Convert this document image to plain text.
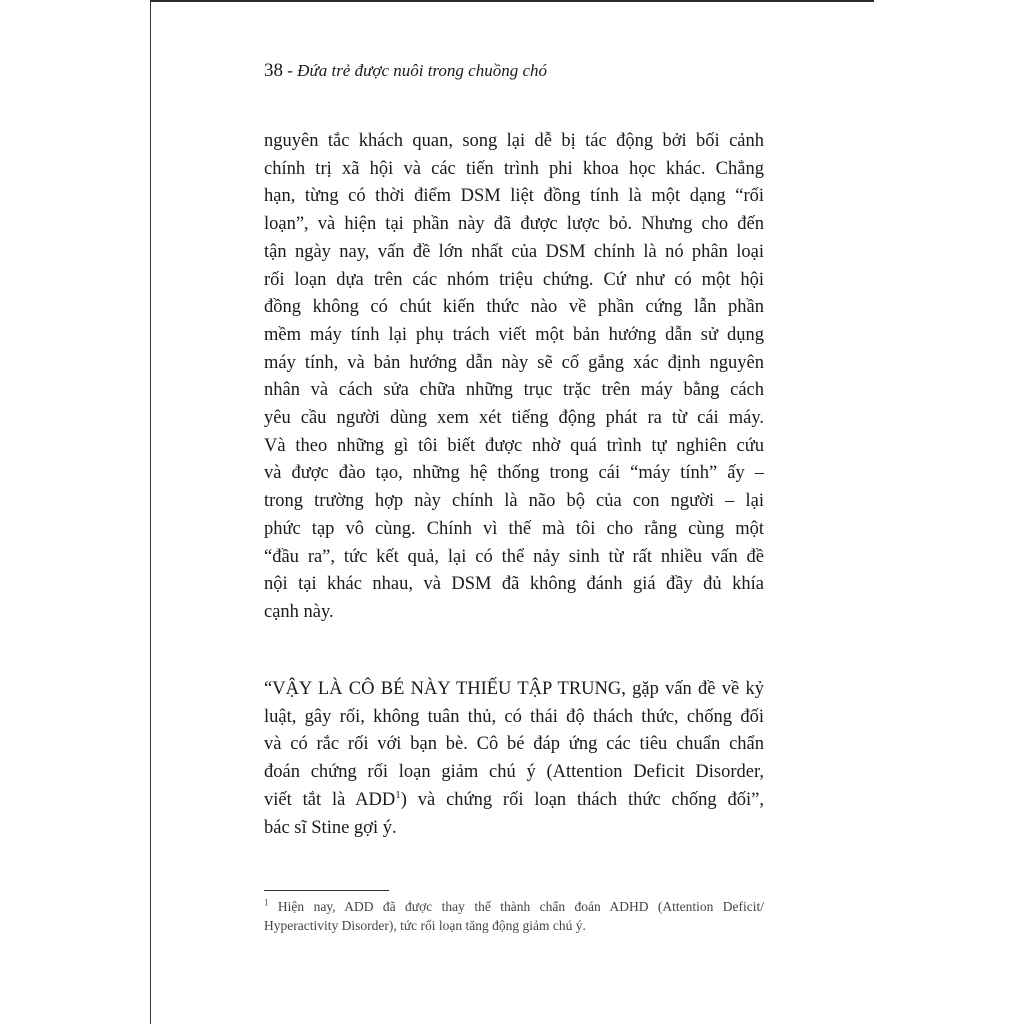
38 - Đứa trẻ được nuôi trong chuồng chó
nguyên tắc khách quan, song lại dễ bị tác động bởi bối cảnh
chính trị xã hội và các tiến trình phi khoa học khác. Chẳng
hạn, từng có thời điểm DSM liệt đồng tính là một dạng “rối
loạn”, và hiện tại phần này đã được lược bỏ. Nhưng cho đến
tận ngày nay, vấn đề lớn nhất của DSM chính là nó phân loại
rối loạn dựa trên các nhóm triệu chứng. Cứ như có một hội
đồng không có chút kiến thức nào về phần cứng lẫn phần
mềm máy tính lại phụ trách viết một bản hướng dẫn sử dụng
máy tính, và bản hướng dẫn này sẽ cố gắng xác định nguyên
nhân và cách sửa chữa những trục trặc trên máy bằng cách
yêu cầu người dùng xem xét tiếng động phát ra từ cái máy.
Và theo những gì tôi biết được nhờ quá trình tự nghiên cứu
và được đào tạo, những hệ thống trong cái “máy tính” ấy –
trong trường hợp này chính là não bộ của con người – lại
phức tạp vô cùng. Chính vì thế mà tôi cho rằng cùng một
“đầu ra”, tức kết quả, lại có thể nảy sinh từ rất nhiều vấn đề
nội tại khác nhau, và DSM đã không đánh giá đầy đủ khía
cạnh này.
“VẬY LÀ CÔ BÉ NÀY THIẾU TẬP TRUNG, gặp vấn đề về kỷ
luật, gây rối, không tuân thủ, có thái độ thách thức, chống đối
và có rắc rối với bạn bè. Cô bé đáp ứng các tiêu chuẩn chẩn
đoán chứng rối loạn giảm chú ý (Attention Deficit Disorder,
viết tắt là ADD$^1$) và chứng rối loạn thách thức chống đối”,
bác sĩ Stine gợi ý.
$^1$ Hiện nay, ADD đã được thay thế thành chẩn đoán ADHD (Attention Deficit/
Hyperactivity Disorder), tức rối loạn tăng động giảm chú ý.
